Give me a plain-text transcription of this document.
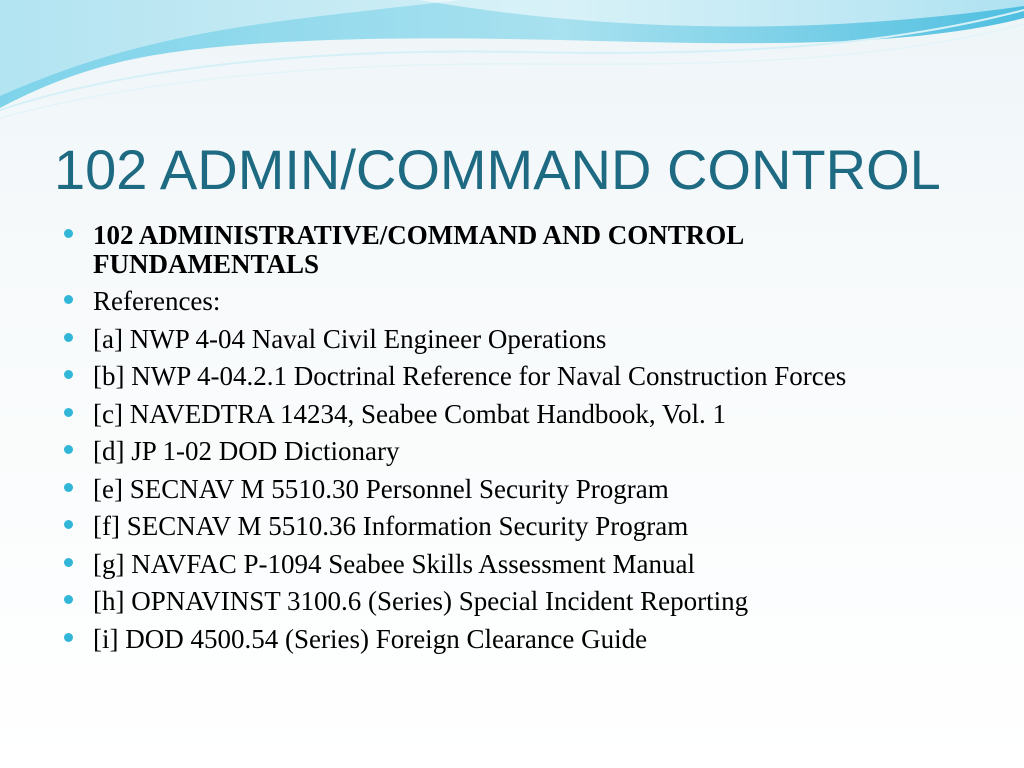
102 ADMIN/COMMAND CONTROL
102 ADMINISTRATIVE/COMMAND AND CONTROL FUNDAMENTALS
References:
[a] NWP 4-04 Naval Civil Engineer Operations
[b] NWP 4-04.2.1 Doctrinal Reference for Naval Construction Forces
[c] NAVEDTRA 14234, Seabee Combat Handbook, Vol. 1
[d] JP 1-02 DOD Dictionary
[e] SECNAV M 5510.30 Personnel Security Program
[f] SECNAV M 5510.36 Information Security Program
[g] NAVFAC P-1094 Seabee Skills Assessment Manual
[h] OPNAVINST 3100.6 (Series) Special Incident Reporting
[i] DOD 4500.54 (Series) Foreign Clearance Guide
